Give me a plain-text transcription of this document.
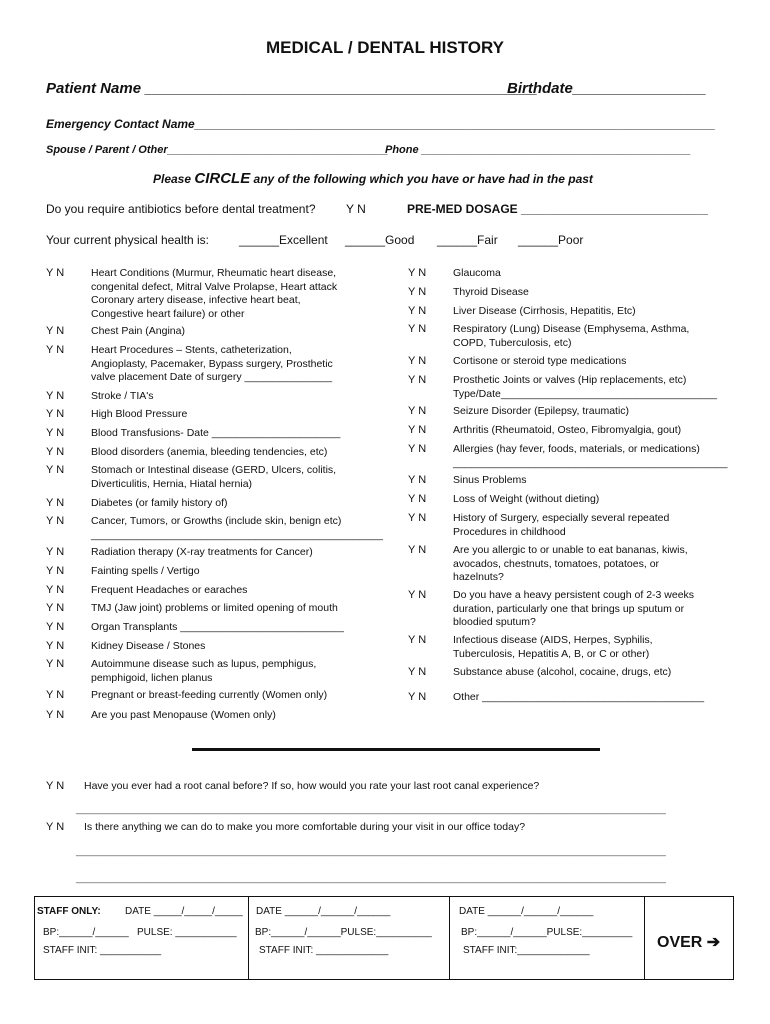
MEDICAL / DENTAL HISTORY
Patient Name _______________________________________________
Birthdate________________
Emergency Contact Name______________________________________________________________________________
Spouse / Parent / Other____________________________________
Phone ____________________________________________
Please CIRCLE any of the following which you have or have had in the past
Do you require antibiotics before dental treatment?	Y N	PRE-MED DOSAGE ____________________________
Your current physical health is:	______Excellent ______Good ______Fair ______Poor
Y N	Heart Conditions (Murmur, Rheumatic heart disease,
congenital defect, Mitral Valve Prolapse, Heart attack
Coronary artery disease, infective heart beat,
Congestive heart failure) or other
Y N	Chest Pain (Angina)
Y N	Heart Procedures – Stents, catheterization,
Angioplasty, Pacemaker, Bypass surgery, Prosthetic
valve placement Date of surgery _______________
Y N	Stroke / TIA's
Y N	High Blood Pressure
Y N	Blood Transfusions- Date ______________________
Y N	Blood disorders (anemia, bleeding tendencies, etc)
Y N	Stomach or Intestinal disease (GERD, Ulcers, colitis,
Diverticulitis, Hernia, Hiatal hernia)
Y N	Diabetes (or family history of)
Y N	Cancer, Tumors, or Growths (include skin, benign etc)
__________________________________________________
Y N	Radiation therapy (X-ray treatments for Cancer)
Y N	Fainting spells / Vertigo
Y N	Frequent Headaches or earaches
Y N	TMJ (Jaw joint) problems or limited opening of mouth
Y N	Organ Transplants ____________________________
Y N	Kidney Disease / Stones
Y N	Autoimmune disease such as lupus, pemphigus,
pemphigoid, lichen planus
Y N	Pregnant or breast-feeding currently (Women only)
Y N	Are you past Menopause (Women only)
Y N	Glaucoma
Y N	Thyroid Disease
Y N	Liver Disease (Cirrhosis, Hepatitis, Etc)
Y N	Respiratory (Lung) Disease (Emphysema, Asthma,
COPD, Tuberculosis, etc)
Y N	Cortisone or steroid type medications
Y N	Prosthetic Joints or valves (Hip replacements, etc)
Type/Date_____________________________________
Y N	Seizure Disorder (Epilepsy, traumatic)
Y N	Arthritis (Rheumatoid, Osteo, Fibromyalgia, gout)
Y N	Allergies (hay fever, foods, materials, or medications)
_______________________________________________
Y N	Sinus Problems
Y N	Loss of Weight (without dieting)
Y N	History of Surgery, especially several repeated
Procedures in childhood
Y N	Are you allergic to or unable to eat bananas, kiwis,
avocados, chestnuts, tomatoes, potatoes, or
hazelnuts?
Y N	Do you have a heavy persistent cough of 2-3 weeks
duration, particularly one that brings up sputum or
bloodied sputum?
Y N	Infectious disease (AIDS, Herpes, Syphilis,
Tuberculosis, Hepatitis A, B, or C or other)
Y N	Substance abuse (alcohol, cocaine, drugs, etc)
Y N	Other ______________________________________
Y N Have you ever had a root canal before? If so, how would you rate your last root canal experience?
_____________________________________________________________________________________________________
Y N Is there anything we can do to make you more comfortable during your visit in our office today?
_____________________________________________________________________________________________________
_____________________________________________________________________________________________________
STAFF ONLY: DATE _____/_____/_____
BP:______/______ PULSE: ___________
STAFF INIT: ___________
DATE ______/______/______
BP:______/______PULSE:__________
STAFF INIT: _____________
DATE ______/______/______
BP:______/______PULSE:_________
STAFF INIT:_____________	OVER ➔
